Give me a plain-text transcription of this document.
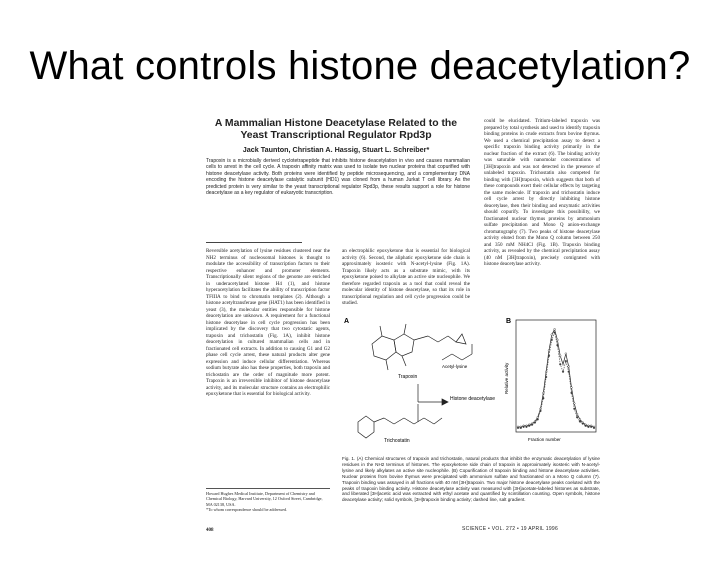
What controls histone deacetylation?
A Mammalian Histone Deacetylase Related to the Yeast Transcriptional Regulator Rpd3p
Jack Taunton, Christian A. Hassig, Stuart L. Schreiber*
Trapoxin is a microbially derived cyclotetrapeptide that inhibits histone deacetylation in vivo and causes mammalian cells to arrest in the cell cycle. A trapoxin affinity matrix was used to isolate two nuclear proteins that copurified with histone deacetylase activity. Both proteins were identified by peptide microsequencing, and a complementary DNA encoding the histone deacetylase catalytic subunit (HD1) was cloned from a human Jurkat T cell library. As the predicted protein is very similar to the yeast transcriptional regulator Rpd3p, these results support a role for histone deacetylase as a key regulator of eukaryotic transcription.
Reversible acetylation of lysine residues clustered near the NH2 terminus of nucleosomal histones is thought to modulate the accessibility of transcription factors to their respective enhancer and promoter elements. Transcriptionally silent regions of the genome are enriched in underacetylated histone H4 (1), and histone hyperacetylation facilitates the ability of transcription factor TFIIIA to bind to chromatin templates (2). Although a histone acetyltransferase gene (HAT1) has been identified in yeast (3), the molecular entities responsible for histone deacetylation are unknown. A requirement for a functional histone deacetylase in cell cycle progression has been implicated by the discovery that two cytostatic agents, trapoxin and trichostatin (Fig. 1A), inhibit histone deacetylation in cultured mammalian cells and in fractionated cell extracts. In addition to causing G1 and G2 phase cell cycle arrest, these natural products alter gene expression and induce cellular differentiation. Whereas sodium butyrate also has these properties, both trapoxin and trichostatin are the order of magnitude more potent. Trapoxin is an irreversible inhibitor of histone deacetylase activity, and its molecular structure contains an electrophilic epoxyketone that is essential for biological activity.
an electrophilic epoxyketone that is essential for biological activity (6). Second, the aliphatic epoxyketone side chain is approximately isosteric with N-acetyl-lysine (Fig. 1A). Trapoxin likely acts as a substrate mimic, with its epoxyketone poised to alkylate an active site nucleophile. We therefore regarded trapoxin as a tool that could reveal the molecular identity of histone deacetylase, so that its role in transcriptional regulation and cell cycle progression could be studied.
could be elucidated. Tritium-labeled trapoxin was prepared by total synthesis and used to identify trapoxin binding proteins in crude extracts from bovine thymus. We used a chemical precipitation assay to detect a specific trapoxin binding activity primarily in the nuclear fraction of the extract (6). The binding activity was saturable with nanomolar concentrations of [3H]trapoxin and was not detected in the presence of unlabeled trapoxin. Trichostatin also competed for binding with [3H]trapoxin, which suggests that both of these compounds exert their cellular effects by targeting the same molecule. If trapoxin and trichostatin induce cell cycle arrest by directly inhibiting histone deacetylase, then their binding and enzymatic activities should copurify. To investigate this possibility, we fractionated nuclear thymus proteins by ammonium sulfate precipitation and Mono Q anion-exchange chromatography (7). Two peaks of histone deacetylase activity eluted from the Mono Q column between 250 and 350 mM NH4Cl (Fig. 1B). Trapoxin binding activity, as revealed by the chemical precipitation assay (40 nM [3H]trapoxin), precisely comigrated with histone deacetylase activity.
A
Trapoxin
Acetyl-lysine
Histone deacetylase
Trichostatin
B
Relative activity
Fraction number
Fig. 1. (A) Chemical structures of trapoxin and trichostatin, natural products that inhibit the enzymatic deacetylation of lysine residues in the NH2 terminus of histones. The epoxyketone side chain of trapoxin is approximately isosteric with N-acetyl-lysine and likely alkylates an active site nucleophile. (B) Copurification of trapoxin binding and histone deacetylase activities. Nuclear proteins from bovine thymus were precipitated with ammonium sulfate and fractionated on a Mono Q column (7). Trapoxin binding was assayed in all fractions with 40 nM [3H]trapoxin. Two major histone deacetylase peaks coeluted with the peaks of trapoxin binding activity. Histone deacetylase activity was measured with [3H]acetate-labeled histones as substrate, and liberated [3H]acetic acid was extracted with ethyl acetate and quantified by scintillation counting. Open symbols, histone deacetylase activity; solid symbols, [3H]trapoxin binding activity; dashed line, salt gradient.
Howard Hughes Medical Institute, Department of Chemistry and Chemical Biology, Harvard University, 12 Oxford Street, Cambridge, MA 02138, USA.
*To whom correspondence should be addressed.
408	SCIENCE • VOL. 272 • 19 APRIL 1996
